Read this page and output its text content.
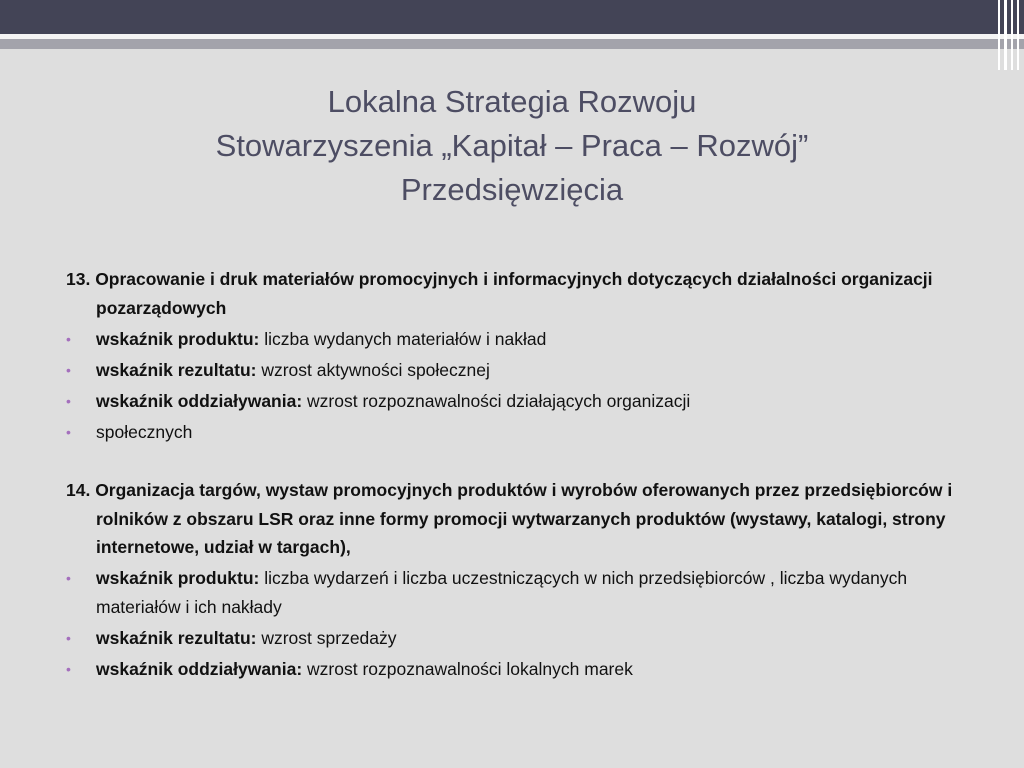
Lokalna Strategia Rozwoju
Stowarzyszenia „Kapitał – Praca – Rozwój”
Przedsięwzięcia
13. Opracowanie i druk materiałów promocyjnych i informacyjnych dotyczących działalności organizacji pozarządowych
•	wskaźnik produktu: liczba wydanych materiałów i nakład
•	wskaźnik rezultatu: wzrost aktywności społecznej
•	wskaźnik oddziaływania: wzrost rozpoznawalności działających organizacji
•	społecznych
14. Organizacja targów, wystaw promocyjnych produktów i wyrobów oferowanych przez przedsiębiorców i rolników z obszaru LSR oraz inne formy promocji wytwarzanych produktów (wystawy, katalogi, strony internetowe, udział w targach),
•	wskaźnik produktu: liczba wydarzeń i liczba uczestniczących w nich przedsiębiorców , liczba wydanych materiałów i ich nakłady
•	wskaźnik rezultatu: wzrost sprzedaży
•	wskaźnik oddziaływania: wzrost rozpoznawalności lokalnych marek
